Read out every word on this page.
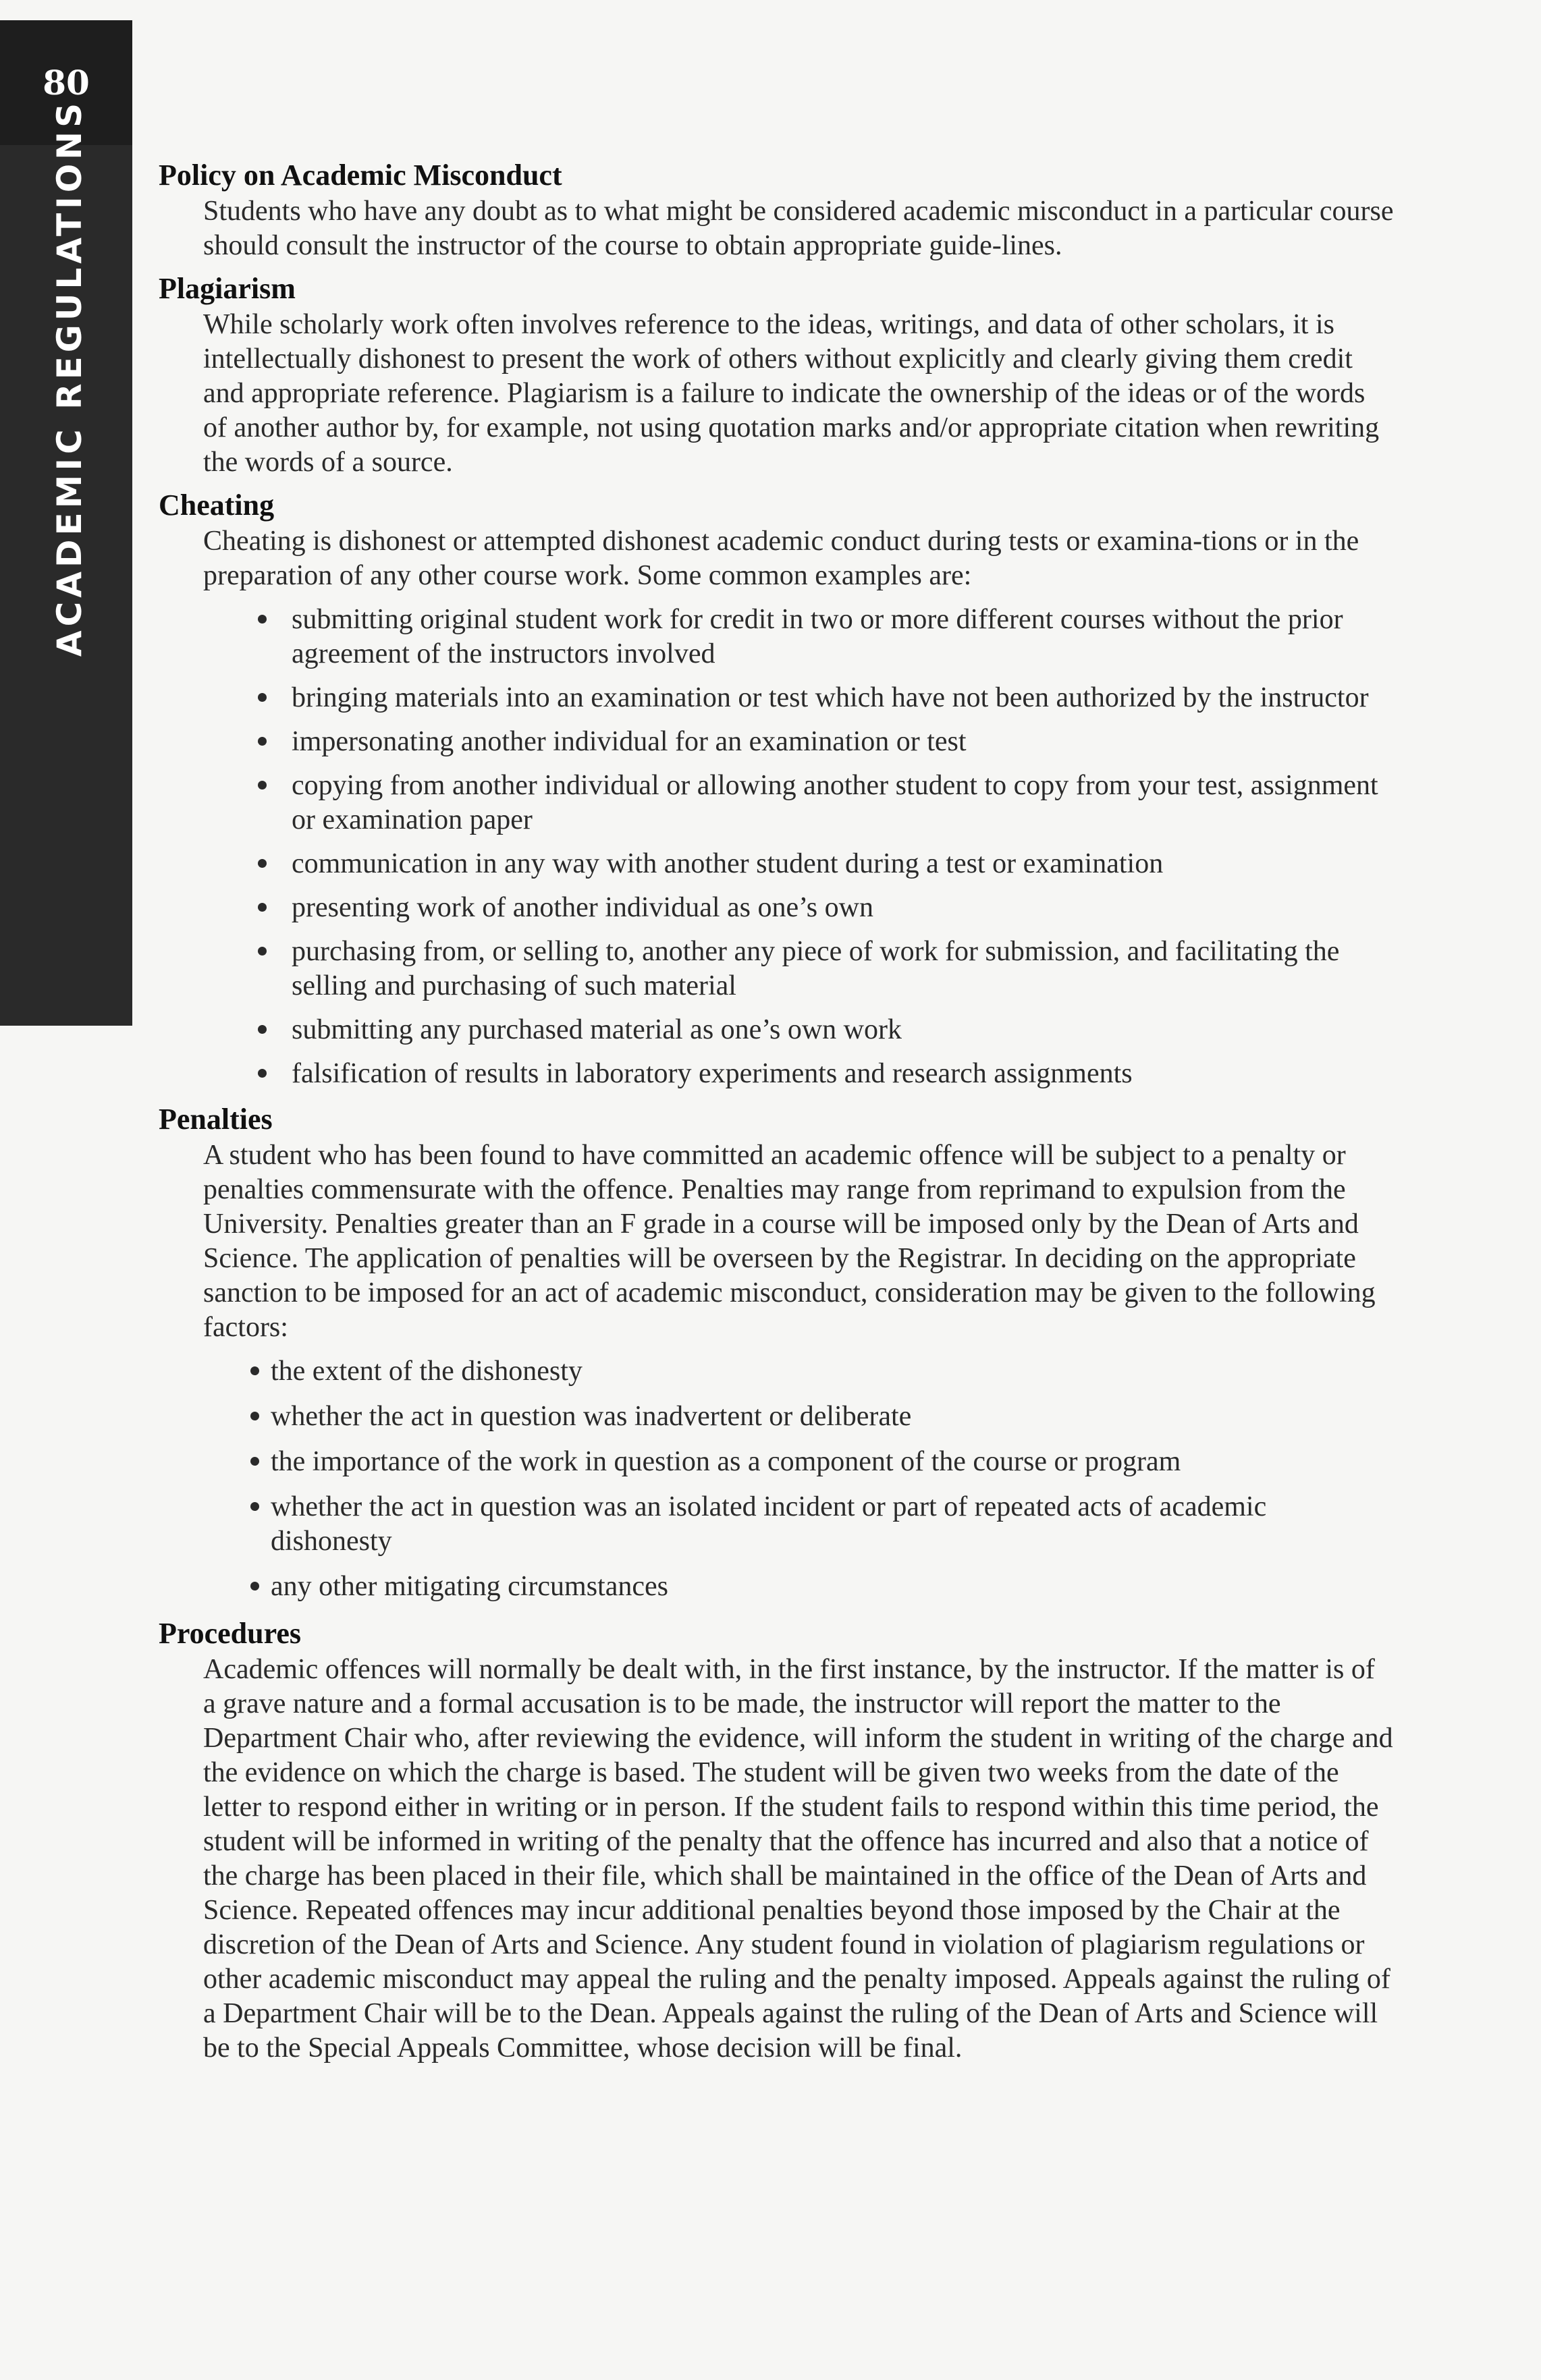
80
ACADEMIC REGULATIONS Policy on Academic Misconduct

Students who have any doubt as to what might be considered academic misconduct in a particular course should consult the instructor of the course to obtain appropriate guide-lines.

Plagiarism

While scholarly work often involves reference to the ideas, writings, and data of other scholars, it is intellectually dishonest to present the work of others without explicitly and clearly giving them credit and appropriate reference. Plagiarism is a failure to indicate the ownership of the ideas or of the words of another author by, for example, not using quotation marks and/or appropriate citation when rewriting the words of a source.

Cheating

Cheating is dishonest or attempted dishonest academic conduct during tests or examina-tions or in the preparation of any other course work. Some common examples are:

submitting original student work for credit in two or more different courses without the prior agreement of the instructors involved
bringing materials into an examination or test which have not been authorized by the instructor
impersonating another individual for an examination or test
copying from another individual or allowing another student to copy from your test, assignment or examination paper
communication in any way with another student during a test or examination
presenting work of another individual as one’s own
purchasing from, or selling to, another any piece of work for submission, and facilitating the selling and purchasing of such material
submitting any purchased material as one’s own work
falsification of results in laboratory experiments and research assignments
Penalties

A student who has been found to have committed an academic offence will be subject to a penalty or penalties commensurate with the offence. Penalties may range from reprimand to expulsion from the University. Penalties greater than an F grade in a course will be imposed only by the Dean of Arts and Science. The application of penalties will be overseen by the Registrar. In deciding on the appropriate sanction to be imposed for an act of academic misconduct, consideration may be given to the following factors:

the extent of the dishonesty
whether the act in question was inadvertent or deliberate
the importance of the work in question as a component of the course or program
whether the act in question was an isolated incident or part of repeated acts of academic dishonesty
any other mitigating circumstances
Procedures

Academic offences will normally be dealt with, in the first instance, by the instructor. If the matter is of a grave nature and a formal accusation is to be made, the instructor will report the matter to the Department Chair who, after reviewing the evidence, will inform the student in writing of the charge and the evidence on which the charge is based. The student will be given two weeks from the date of the letter to respond either in writing or in person. If the student fails to respond within this time period, the student will be informed in writing of the penalty that the offence has incurred and also that a notice of the charge has been placed in their file, which shall be maintained in the office of the Dean of Arts and Science. Repeated offences may incur additional penalties beyond those imposed by the Chair at the discretion of the Dean of Arts and Science. Any student found in violation of plagiarism regulations or other academic misconduct may appeal the ruling and the penalty imposed. Appeals against the ruling of a Department Chair will be to the Dean. Appeals against the ruling of the Dean of Arts and Science will be to the Special Appeals Committee, whose decision will be final.
